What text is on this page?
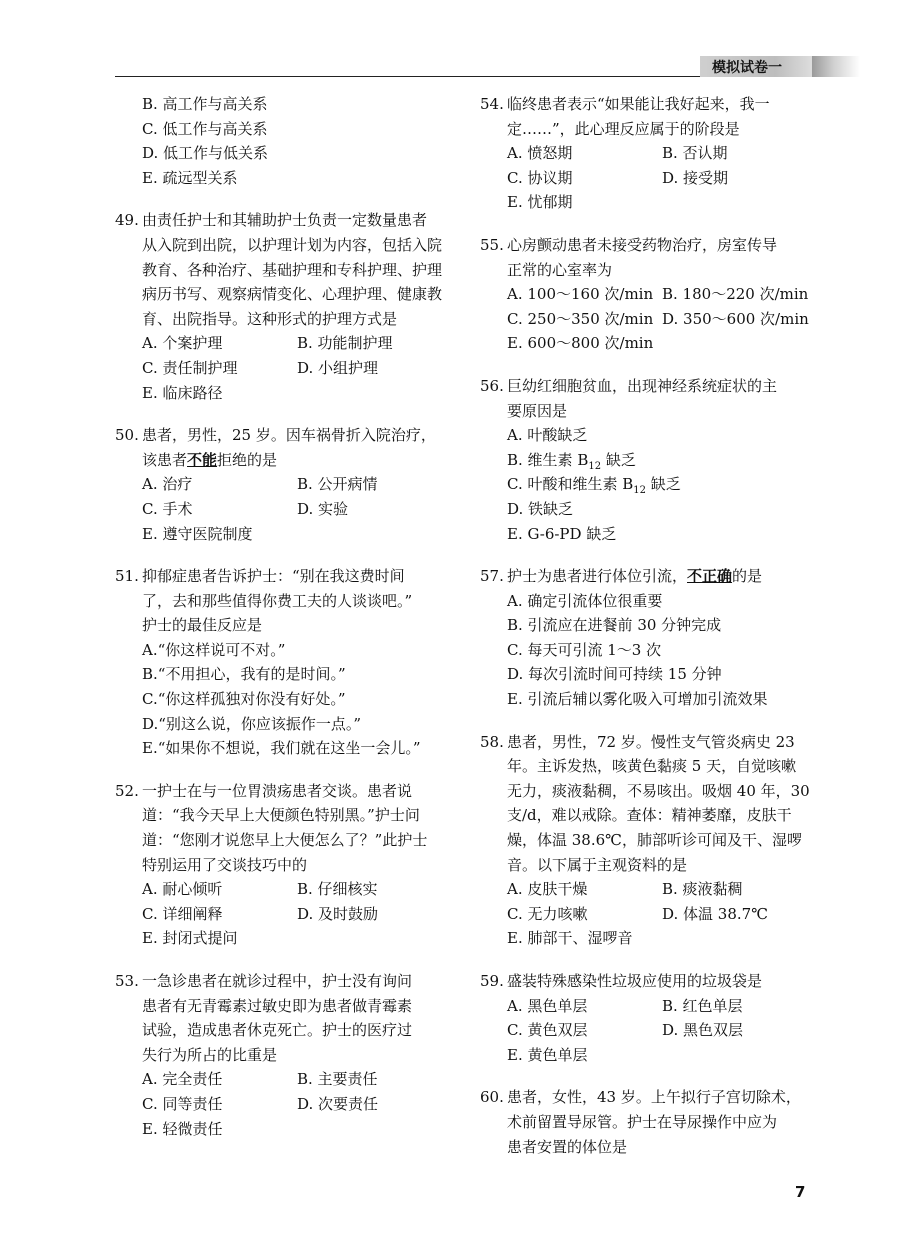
模拟试卷一
B. 高工作与高关系
C. 低工作与高关系
D. 低工作与低关系
E. 疏远型关系
49. 由责任护士和其辅助护士负责一定数量患者
从入院到出院，以护理计划为内容，包括入院
教育、各种治疗、基础护理和专科护理、护理
病历书写、观察病情变化、心理护理、健康教
育、出院指导。这种形式的护理方式是
A. 个案护理	B. 功能制护理
C. 责任制护理	D. 小组护理
E. 临床路径
50. 患者，男性，25 岁。因车祸骨折入院治疗，
该患者不能拒绝的是
A. 治疗	B. 公开病情
C. 手术	D. 实验
E. 遵守医院制度
51. 抑郁症患者告诉护士：“别在我这费时间
了，去和那些值得你费工夫的人谈谈吧。”
护士的最佳反应是
A.“你这样说可不对。”
B.“不用担心，我有的是时间。”
C.“你这样孤独对你没有好处。”
D.“别这么说，你应该振作一点。”
E.“如果你不想说，我们就在这坐一会儿。”
52. 一护士在与一位胃溃疡患者交谈。患者说
道：“我今天早上大便颜色特别黑。”护士问
道：“您刚才说您早上大便怎么了？”此护士
特别运用了交谈技巧中的
A. 耐心倾听	B. 仔细核实
C. 详细阐释	D. 及时鼓励
E. 封闭式提问
53. 一急诊患者在就诊过程中，护士没有询问
患者有无青霉素过敏史即为患者做青霉素
试验，造成患者休克死亡。护士的医疗过
失行为所占的比重是
A. 完全责任	B. 主要责任
C. 同等责任	D. 次要责任
E. 轻微责任
54. 临终患者表示“如果能让我好起来，我一
定……”，此心理反应属于的阶段是
A. 愤怒期	B. 否认期
C. 协议期	D. 接受期
E. 忧郁期
55. 心房颤动患者未接受药物治疗，房室传导
正常的心室率为
A. 100～160 次/min B. 180～220 次/min
C. 250～350 次/min D. 350～600 次/min
E. 600～800 次/min
56. 巨幼红细胞贫血，出现神经系统症状的主
要原因是
A. 叶酸缺乏
B. 维生素 $B_{12}$ 缺乏
C. 叶酸和维生素 $B_{12}$ 缺乏
D. 铁缺乏
E. G-6-PD 缺乏
57. 护士为患者进行体位引流，不正确的是
A. 确定引流体位很重要
B. 引流应在进餐前 30 分钟完成
C. 每天可引流 1～3 次
D. 每次引流时间可持续 15 分钟
E. 引流后辅以雾化吸入可增加引流效果
58. 患者，男性，72 岁。慢性支气管炎病史 23
年。主诉发热，咳黄色黏痰 5 天，自觉咳嗽
无力，痰液黏稠，不易咳出。吸烟 40 年，30
支/d，难以戒除。查体：精神萎靡，皮肤干
燥，体温 38.6℃，肺部听诊可闻及干、湿啰
音。以下属于主观资料的是
A. 皮肤干燥	B. 痰液黏稠
C. 无力咳嗽	D. 体温 38.7℃
E. 肺部干、湿啰音
59. 盛装特殊感染性垃圾应使用的垃圾袋是
A. 黑色单层	B. 红色单层
C. 黄色双层	D. 黑色双层
E. 黄色单层
60. 患者，女性，43 岁。上午拟行子宫切除术，
术前留置导尿管。护士在导尿操作中应为
患者安置的体位是
7
